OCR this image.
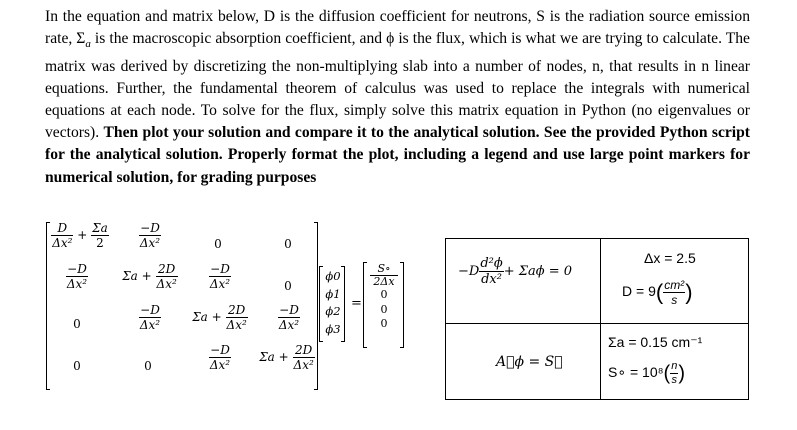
In the equation and matrix below, D is the diffusion coefficient for neutrons, S is the radiation source emission rate, $\Sigma_a$ is the macroscopic absorption coefficient, and ϕ is the flux, which is what we are trying to calculate. The matrix was derived by discretizing the non-multiplying slab into a number of nodes, n, that results in n linear equations. Further, the fundamental theorem of calculus was used to replace the integrals with numerical equations at each node. To solve for the flux, simply solve this matrix equation in Python (no eigenvalues or vectors). Then plot your solution and compare it to the analytical solution. See the provided Python script for the analytical solution. Properly format the plot, including a legend and use large point markers for numerical solution, for grading purposes
$\frac{D}{\text{Δx²}} + \frac{\Sigma a}{2}$	$\frac{-D}{\text{Δx²}}$	0	0
$\frac{-D}{\text{Δx²}}$	$\Sigma a + \frac{2D}{\text{Δx²}}$	$\frac{-D}{\text{Δx²}}$	0
0	$\frac{-D}{\text{Δx²}}$	$\Sigma a + \frac{2D}{\text{Δx²}}$	$\frac{-D}{\text{Δx²}}$
0	0	$\frac{-D}{\text{Δx²}}$	$\Sigma a + \frac{2D}{\text{Δx²}}$
ϕ0
ϕ1
ϕ2
ϕ3
=
S∘
2Δx
0
0
0
$-D \frac{\text{d²ϕ}}{\text{dx²}} + \Sigma a\phi = 0$
Δx = 2.5
$D = 9( \frac{\text{cm²}}{s}$ )
A⃗ϕ = S⃗
Σa = 0.15 cm⁻¹
S∘ = $10^8( \frac{n}{s}$ )
